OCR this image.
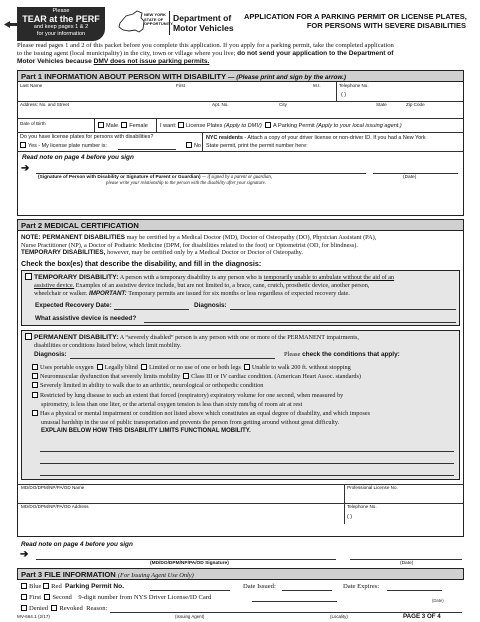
Please
TEAR at the PERF
and keep pages 1 & 2
for your information
NEW YORK
STATE OF
OPPORTUNITY.
Department of
Motor Vehicles
APPLICATION FOR A PARKING PERMIT OR LICENSE PLATES,
FOR PERSONS WITH SEVERE DISABILITIES
Please read pages 1 and 2 of this packet before you complete this application. If you apply for a parking permit, take the completed application
to the issuing agent (local municipality) in the city, town or village where you live; do not send your application to the Department of
Motor Vehicles because DMV does not issue parking permits.
Part 1 INFORMATION ABOUT PERSON WITH DISABILITY — (Please print and sign by the arrow.)
Last Name	First	M.I.	Telephone No.
( )
Address: No. and Street	Apt. No.	City	State	Zip Code
Date of Birth	Male Female I want: License Plates (Apply to DMV) A Parking Permit (Apply to your local issuing agent.)
Do you have license plates for persons with disabilities?
Yes - My license plate number is:	No
NYC residents - Attach a copy of your driver license or non-driver ID. If you had a New York
State permit, print the permit number here:
Read note on page 4 before you sign
➔
(Signature of Person with Disability or Signature of Parent or Guardian) — if signed by a parent or guardian,
please write your relationship to the person with the disability after your signature.
(Date)
Part 2 MEDICAL CERTIFICATION
NOTE: PERMANENT DISABILITIES may be certified by a Medical Doctor (MD), Doctor of Osteopathy (DO), Physician Assistant (PA),
Nurse Practitioner (NP), a Doctor of Podiatric Medicine (DPM, for disabilities related to the foot) or Optometrist (OD, for blindness).
TEMPORARY DISABILITIES, however, may be certified only by a Medical Doctor or Doctor of Osteopathy.
Check the box(es) that describe the disability, and fill in the diagnosis:
TEMPORARY DISABILITY: A person with a temporary disability is any person who is temporarily unable to ambulate without the aid of an
assistive device. Examples of an assistive device include, but are not limited to, a brace, cane, crutch, prosthetic device, another person,
wheelchair or walker. IMPORTANT: Temporary permits are issued for six months or less regardless of expected recovery date.
Expected Recovery Date:	Diagnosis:
What assistive device is needed?
PERMANENT DISABILITY: A “severely disabled” person is any person with one or more of the PERMANENT impairments,
disabilities or conditions listed below, which limit mobility.
Diagnosis:	Please check the conditions that apply:
Uses portable oxygen Legally blind Limited or no use of one or both legs Unable to walk 200 ft. without stopping
Neuromuscular dysfunction that severely limits mobility Class III or IV cardiac condition. (American Heart Assoc. standards)
Severely limited in ability to walk due to an arthritic, neurological or orthopedic condition
Restricted by lung disease to such an extent that forced (respiratory) expiratory volume for one second, when measured by
spirometry, is less than one liter, or the arterial oxygen tension is less than sixty mm/hg of room air at rest
Has a physical or mental impairment or condition not listed above which constitutes an equal degree of disability, and which imposes
unusual hardship in the use of public transportation and prevents the person from getting around without great difficulty.
EXPLAIN BELOW HOW THIS DISABILITY LIMITS FUNCTIONAL MOBILITY.
MD/DO/DPM/NP/PA/OD Name	Professional License No.
MD/DO/DPM/NP/PA/OD Address	Telephone No.
( )
Read note on page 4 before you sign
➔
(MD/DO/DPM/NP/PA/OD Signature)	(Date)
Part 3 FILE INFORMATION (For Issuing Agent Use Only)
Blue Red Parking Permit No.	Date Issued:	Date Expires:
First Second 9-digit number from NYS Driver License/ID Card
Denied Revoked Reason:
MV-664.1 (2/17)	PAGE 3 OF 4
(Date)
(Issuing Agent)	(Locality)
